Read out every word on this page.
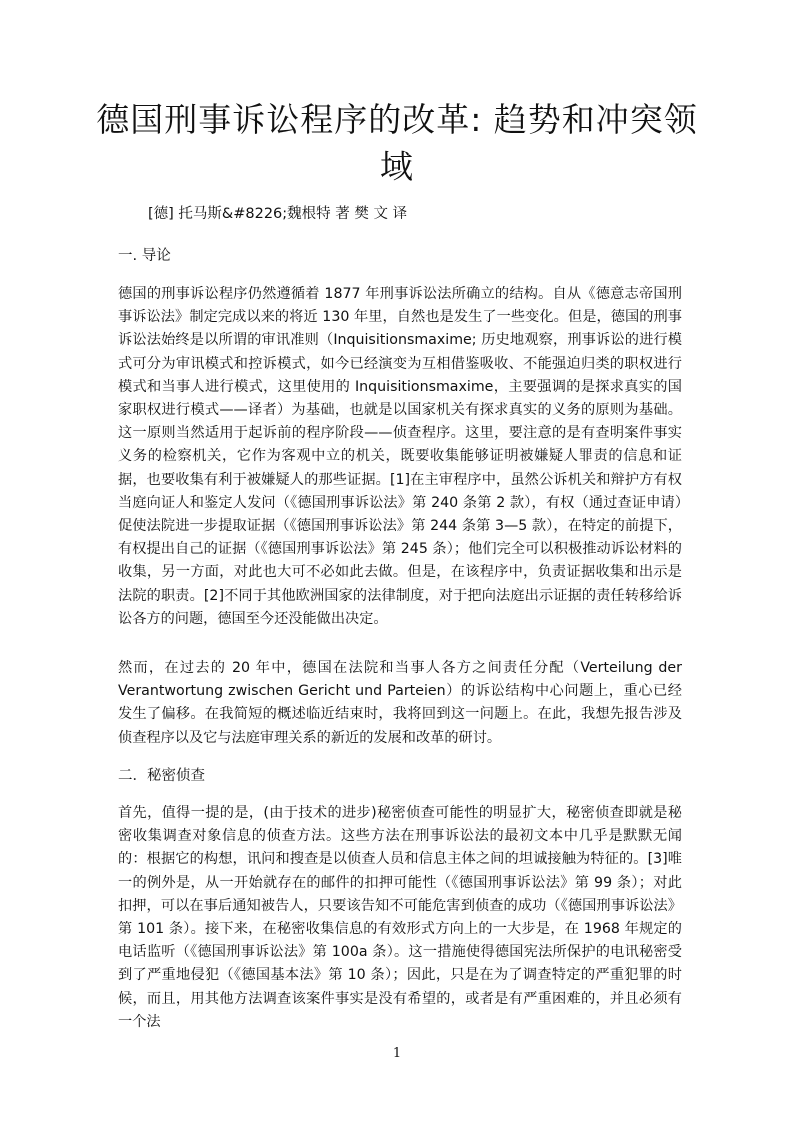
德国刑事诉讼程序的改革: 趋势和冲突领域
[德] 托马斯&#8226;魏根特 著 樊 文 译
一. 导论

德国的刑事诉讼程序仍然遵循着 1877 年刑事诉讼法所确立的结构。自从《德意志帝国刑事诉讼法》制定完成以来的将近 130 年里，自然也是发生了一些变化。但是，德国的刑事诉讼法始终是以所谓的审讯准则（Inquisitionsmaxime; 历史地观察，刑事诉讼的进行模式可分为审讯模式和控诉模式，如今已经演变为互相借鉴吸收、不能强迫归类的职权进行模式和当事人进行模式，这里使用的 Inquisitionsmaxime，主要强调的是探求真实的国家职权进行模式——译者）为基础，也就是以国家机关有探求真实的义务的原则为基础。这一原则当然适用于起诉前的程序阶段——侦查程序。这里，要注意的是有查明案件事实义务的检察机关，它作为客观中立的机关，既要收集能够证明被嫌疑人罪责的信息和证据，也要收集有利于被嫌疑人的那些证据。[1]在主审程序中，虽然公诉机关和辩护方有权当庭向证人和鉴定人发问（《德国刑事诉讼法》第 240 条第 2 款），有权（通过查证申请）促使法院进一步提取证据（《德国刑事诉讼法》第 244 条第 3—5 款），在特定的前提下，有权提出自己的证据（《德国刑事诉讼法》第 245 条）；他们完全可以积极推动诉讼材料的收集，另一方面，对此也大可不必如此去做。但是，在该程序中，负责证据收集和出示是法院的职责。[2]不同于其他欧洲国家的法律制度，对于把向法庭出示证据的责任转移给诉讼各方的问题，德国至今还没能做出决定。

然而，在过去的 20 年中，德国在法院和当事人各方之间责任分配（Verteilung der Verantwortung zwischen Gericht und Parteien）的诉讼结构中心问题上，重心已经发生了偏移。在我简短的概述临近结束时，我将回到这一问题上。在此，我想先报告涉及侦查程序以及它与法庭审理关系的新近的发展和改革的研讨。

二．秘密侦查

首先，值得一提的是，(由于技术的进步)秘密侦查可能性的明显扩大，秘密侦查即就是秘密收集调查对象信息的侦查方法。这些方法在刑事诉讼法的最初文本中几乎是默默无闻的：根据它的构想，讯问和搜查是以侦查人员和信息主体之间的坦诚接触为特征的。[3]唯一的例外是，从一开始就存在的邮件的扣押可能性（《德国刑事诉讼法》第 99 条）；对此扣押，可以在事后通知被告人，只要该告知不可能危害到侦查的成功（《德国刑事诉讼法》第 101 条）。接下来，在秘密收集信息的有效形式方向上的一大步是，在 1968 年规定的电话监听（《德国刑事诉讼法》第 100a 条）。这一措施使得德国宪法所保护的电讯秘密受到了严重地侵犯（《德国基本法》第 10 条）；因此，只是在为了调查特定的严重犯罪的时候，而且，用其他方法调查该案件事实是没有希望的，或者是有严重困难的，并且必须有一个法

1
